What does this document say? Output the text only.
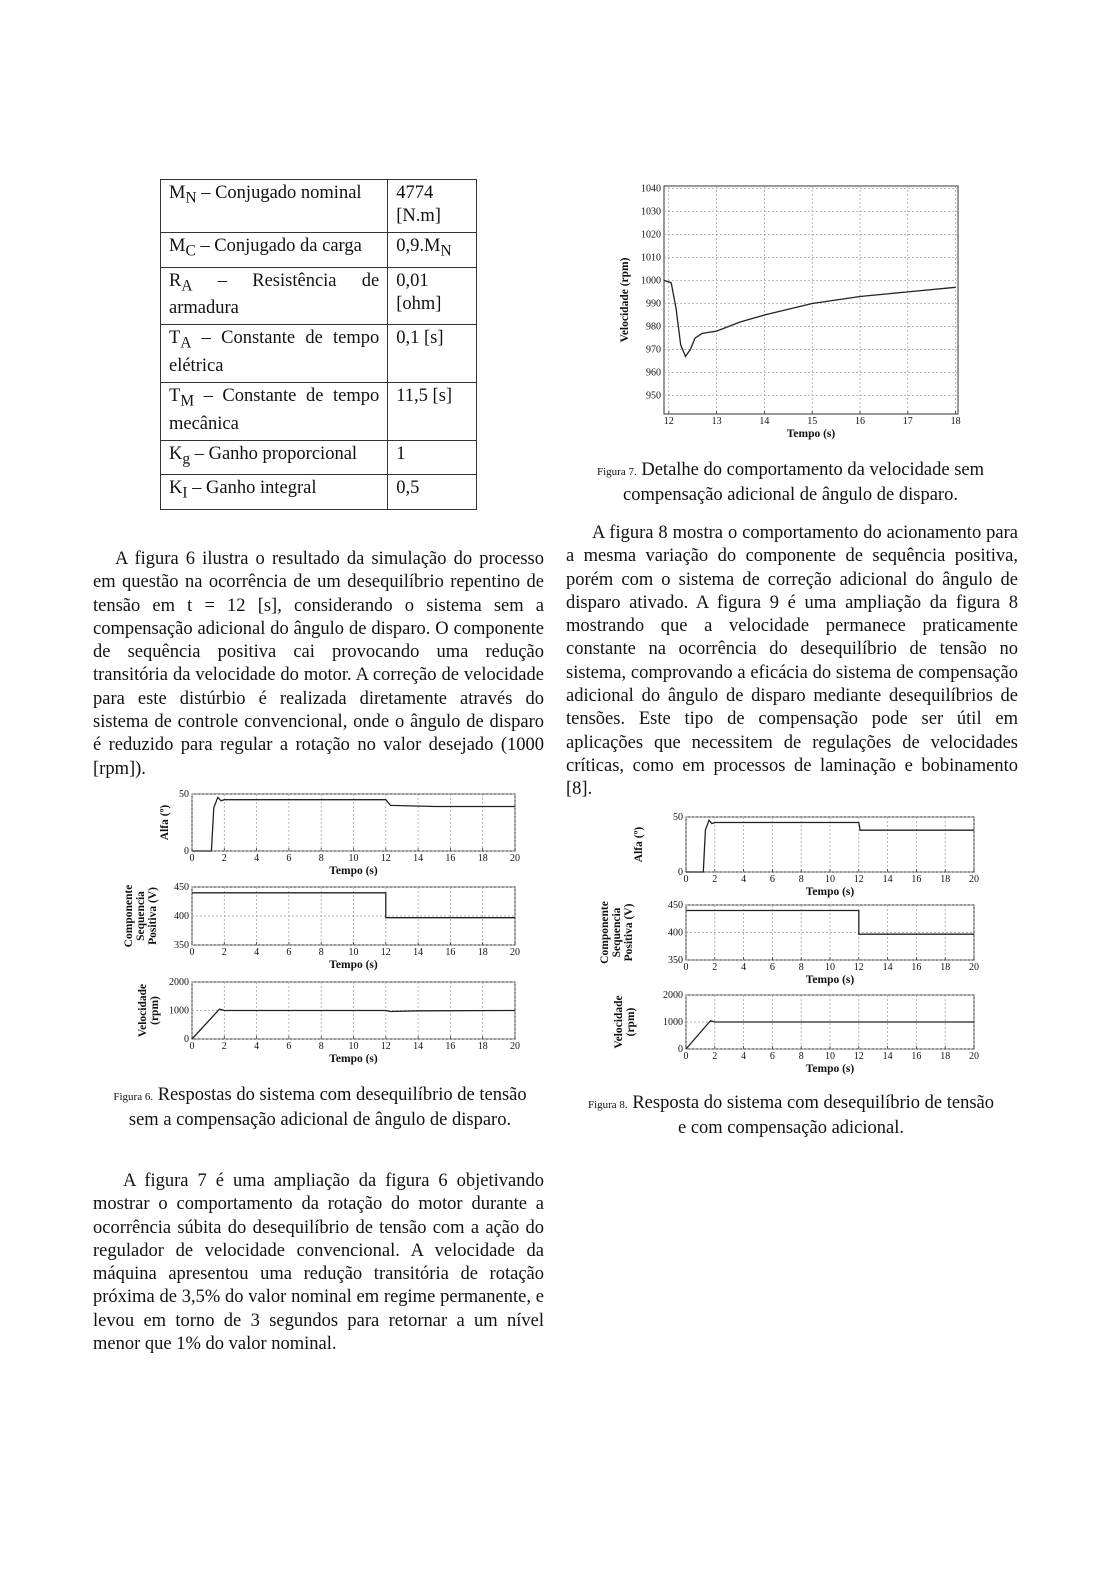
$M_N$ – Conjugado nominal	4774 [N.m]
$M_C$ – Conjugado da carga	$0,9.M_N$
$R_A$ – Resistência de armadura	0,01 [ohm]
$T_A$ – Constante de tempo elétrica	0,1 [s]
$T_M$ – Constante de tempo mecânica	11,5 [s]
$K_g$ – Ganho proporcional	1
$K_I$ – Ganho integral	0,5

A figura 6 ilustra o resultado da simulação do processo em questão na ocorrência de um desequilíbrio repentino de tensão em t = 12 [s], considerando o sistema sem a compensação adicional do ângulo de disparo. O componente de sequência positiva cai provocando uma redução transitória da velocidade do motor. A correção de velocidade para este distúrbio é realizada diretamente através do sistema de controle convencional, onde o ângulo de disparo é reduzido para regular a rotação no valor desejado (1000 [rpm]).

A figura 7 é uma ampliação da figura 6 objetivando mostrar o comportamento da rotação do motor durante a ocorrência súbita do desequilíbrio de tensão com a ação do regulador de velocidade convencional. A velocidade da máquina apresentou uma redução transitória de rotação próxima de 3,5% do valor nominal em regime permanente, e levou em torno de 3 segundos para retornar a um nível menor que 1% do valor nominal.

A figura 8 mostra o comportamento do acionamento para a mesma variação do componente de sequência positiva, porém com o sistema de correção adicional do ângulo de disparo ativado. A figura 9 é uma ampliação da figura 8 mostrando que a velocidade permanece praticamente constante na ocorrência do desequilíbrio de tensão no sistema, comprovando a eficácia do sistema de compensação adicional do ângulo de disparo mediante desequilíbrios de tensões. Este tipo de compensação pode ser útil em aplicações que necessitem de regulações de velocidades críticas, como em processos de laminação e bobinamento [8].

0	2	4	6	8 10 12 14 16 18 20
0
50
Tempo (s)
Alfa (º)
0	2	4	6	8 10 12 14 16 18 20
350
400
450
Tempo (s)
Componente Sequencia Positiva (V)
0	2	4	6	8 10 12 14 16 18 20
0
1000
2000
Tempo (s)
Velocidade (rpm)

Figura 6. Respostas do sistema com desequilíbrio de tensão sem a compensação adicional de ângulo de disparo.

12	13	14	15	16	17	18
950
960
970
980
990
1000
1010
1020
1030
1040
Tempo (s)
Velocidade (rpm)

Figura 7. Detalhe do comportamento da velocidade sem compensação adicional de ângulo de disparo.

0 2 4 6 8 10 12 14 16 18 20
0
50
Tempo (s)
Alfa (º)
0 2 4 6 8 10 12 14 16 18 20
350
400
450
Tempo (s)
Componente Sequencia Positiva (V)
0 2 4 6 8 10 12 14 16 18 20
0
1000
2000
Tempo (s)
Velocidade (rpm)

Figura 8. Resposta do sistema com desequilíbrio de tensão e com compensação adicional.
